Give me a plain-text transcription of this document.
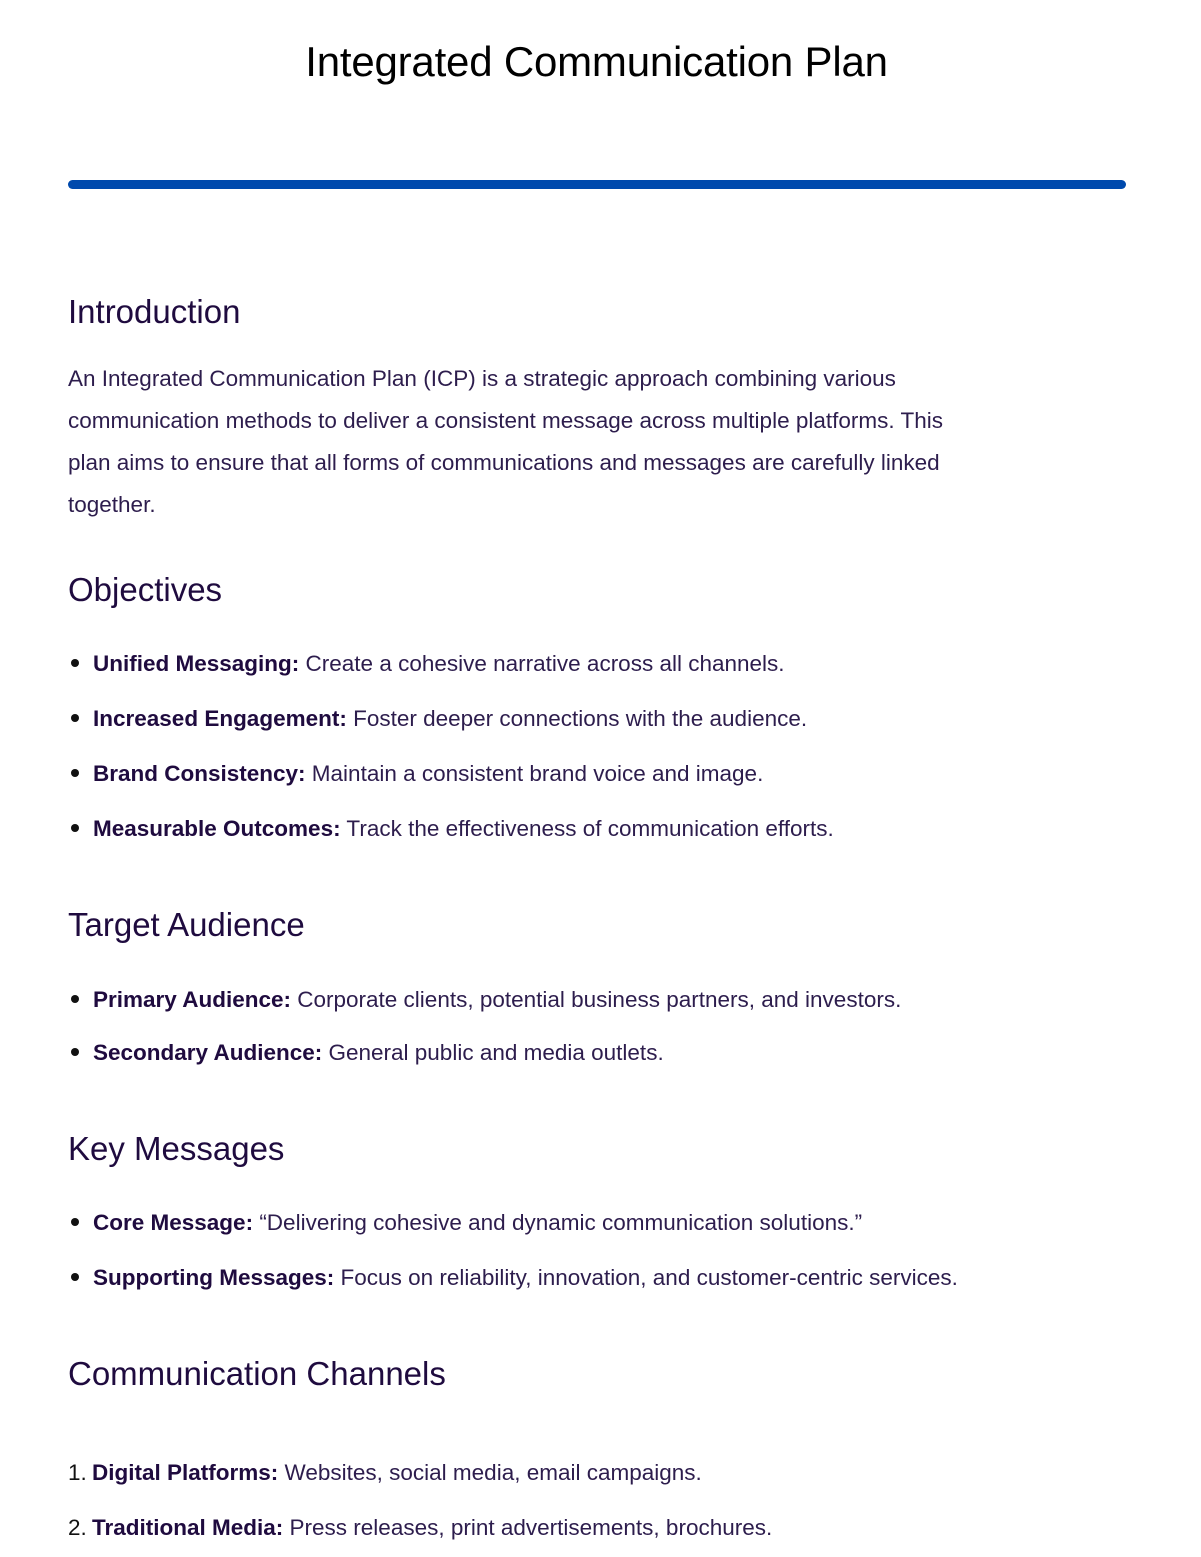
Integrated Communication Plan
Introduction
An Integrated Communication Plan (ICP) is a strategic approach combining various
communication methods to deliver a consistent message across multiple platforms. This
plan aims to ensure that all forms of communications and messages are carefully linked
together.
Objectives

Unified Messaging: Create a cohesive narrative across all channels.

Increased Engagement: Foster deeper connections with the audience.

Brand Consistency: Maintain a consistent brand voice and image.

Measurable Outcomes: Track the effectiveness of communication efforts.

Target Audience

Primary Audience: Corporate clients, potential business partners, and investors.

Secondary Audience: General public and media outlets.

Key Messages

Core Message: “Delivering cohesive and dynamic communication solutions.”

Supporting Messages: Focus on reliability, innovation, and customer-centric services.

Communication Channels

1. Digital Platforms: Websites, social media, email campaigns.

2. Traditional Media: Press releases, print advertisements, brochures.
